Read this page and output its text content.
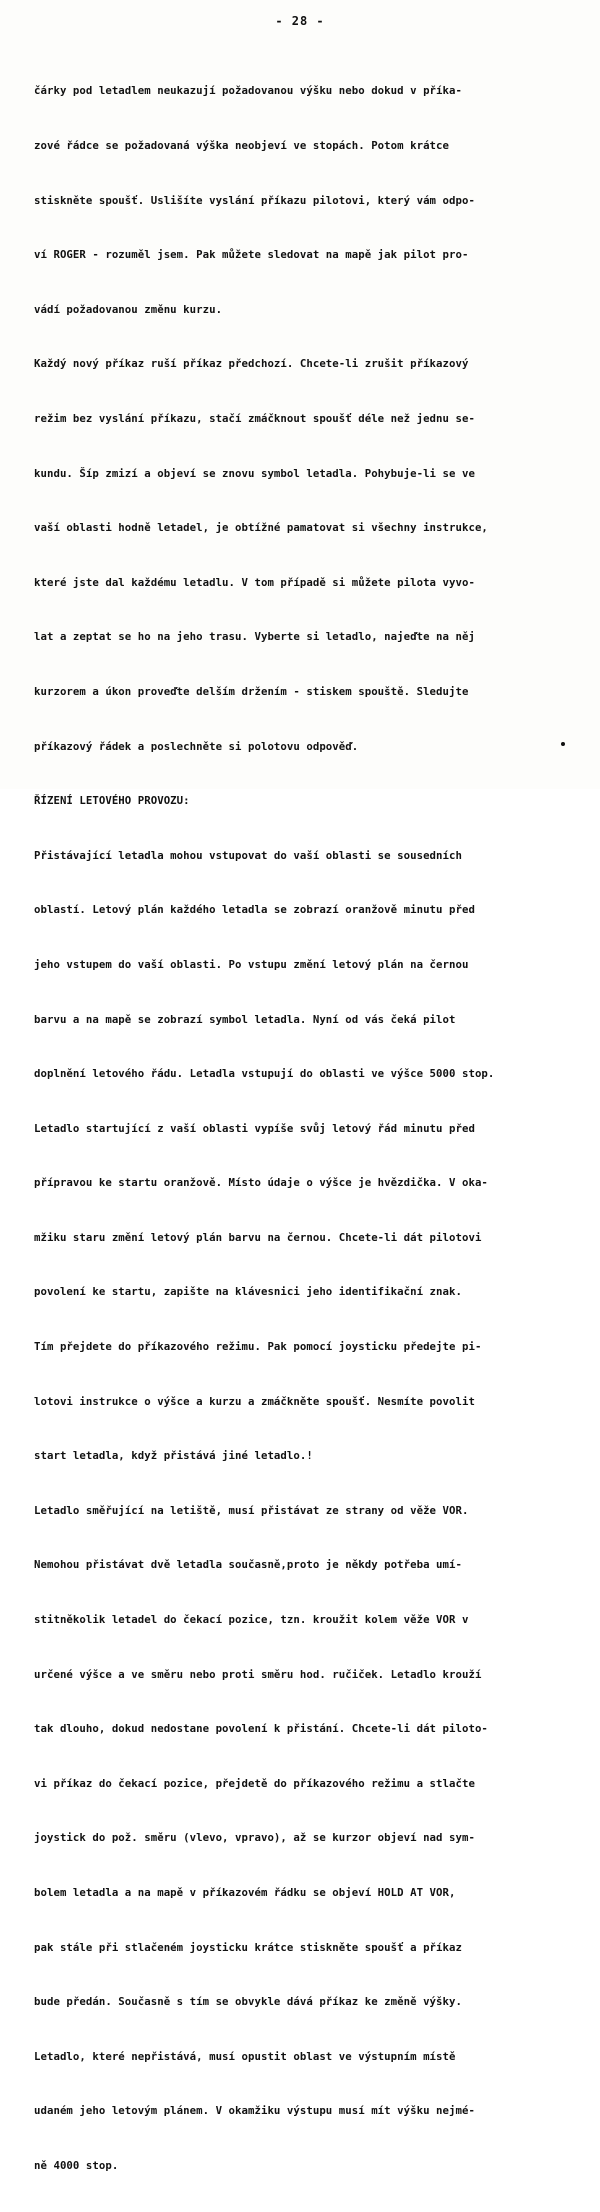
- 28 -

čárky pod letadlem neukazují požadovanou výšku nebo dokud v příka-

zové řádce se požadovaná výška neobjeví ve stopách. Potom krátce

stiskněte spoušť. Uslišíte vyslání příkazu pilotovi, který vám odpo-

ví ROGER - rozuměl jsem. Pak můžete sledovat na mapě jak pilot pro-

vádí požadovanou změnu kurzu.

Každý nový příkaz ruší příkaz předchozí. Chcete-li zrušit příkazový

režim bez vyslání příkazu, stačí zmáčknout spoušť déle než jednu se-

kundu. Šíp zmizí a objeví se znovu symbol letadla. Pohybuje-li se ve

vaší oblasti hodně letadel, je obtížné pamatovat si všechny instrukce,

které jste dal každému letadlu. V tom případě si můžete pilota vyvo-

lat a zeptat se ho na jeho trasu. Vyberte si letadlo, najeďte na něj

kurzorem a úkon proveďte delším držením - stiskem spouště. Sledujte

příkazový řádek a poslechněte si polotovu odpověď.

ŘÍZENÍ LETOVÉHO PROVOZU:

Přistávající letadla mohou vstupovat do vaší oblasti se sousedních

oblastí. Letový plán každého letadla se zobrazí oranžově minutu před

jeho vstupem do vaší oblasti. Po vstupu změní letový plán na černou

barvu a na mapě se zobrazí symbol letadla. Nyní od vás čeká pilot

doplnění letového řádu. Letadla vstupují do oblasti ve výšce 5000 stop.

Letadlo startující z vaší oblasti vypíše svůj letový řád minutu před

přípravou ke startu oranžově. Místo údaje o výšce je hvězdička. V oka-

mžiku staru změní letový plán barvu na černou. Chcete-li dát pilotovi

povolení ke startu, zapište na klávesnici jeho identifikační znak.

Tím přejdete do příkazového režimu. Pak pomocí joysticku předejte pi-

lotovi instrukce o výšce a kurzu a zmáčkněte spoušť. Nesmíte povolit

start letadla, když přistává jiné letadlo.!

Letadlo směřující na letiště, musí přistávat ze strany od věže VOR.

Nemohou přistávat dvě letadla současně,proto je někdy potřeba umí-

stitněkolik letadel do čekací pozice, tzn. kroužit kolem věže VOR v

určené výšce a ve směru nebo proti směru hod. ručiček. Letadlo krouží

tak dlouho, dokud nedostane povolení k přistání. Chcete-li dát piloto-

vi příkaz do čekací pozice, přejdetě do příkazového režimu a stlačte

joystick do pož. směru (vlevo, vpravo), až se kurzor objeví nad sym-

bolem letadla a na mapě v příkazovém řádku se objeví HOLD AT VOR,

pak stále při stlačeném joysticku krátce stiskněte spoušť a příkaz

bude předán. Současně s tím se obvykle dává příkaz ke změně výšky.

Letadlo, které nepřistává, musí opustit oblast ve výstupním místě

udaném jeho letovým plánem. V okamžiku výstupu musí mít výšku nejmé-

ně 4000 stop.
